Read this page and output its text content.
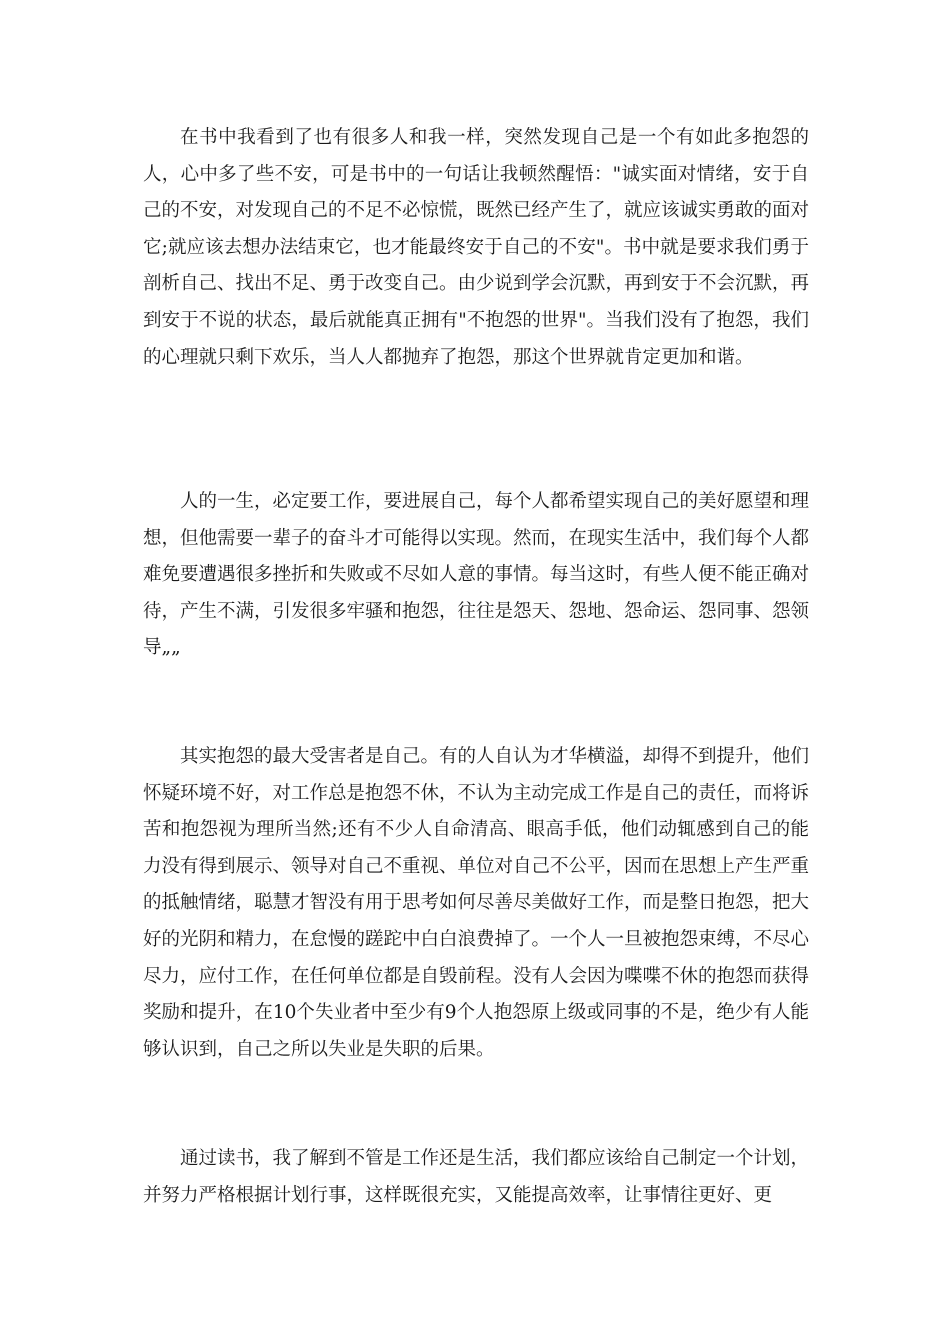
在书中我看到了也有很多人和我一样，突然发现自己是一个有如此多抱怨的人，心中多了些不安，可是书中的一句话让我顿然醒悟："诚实面对情绪，安于自己的不安，对发现自己的不足不必惊慌，既然已经产生了，就应该诚实勇敢的面对它;就应该去想办法结束它，也才能最终安于自己的不安"。书中就是要求我们勇于剖析自己、找出不足、勇于改变自己。由少说到学会沉默，再到安于不会沉默，再到安于不说的状态，最后就能真正拥有"不抱怨的世界"。当我们没有了抱怨，我们的心理就只剩下欢乐，当人人都抛弃了抱怨，那这个世界就肯定更加和谐。

人的一生，必定要工作，要进展自己，每个人都希望实现自己的美好愿望和理想，但他需要一辈子的奋斗才可能得以实现。然而，在现实生活中，我们每个人都难免要遭遇很多挫折和失败或不尽如人意的事情。每当这时，有些人便不能正确对待，产生不满，引发很多牢骚和抱怨，往往是怨天、怨地、怨命运、怨同事、怨领导„„

其实抱怨的最大受害者是自己。有的人自认为才华横溢，却得不到提升，他们怀疑环境不好，对工作总是抱怨不休，不认为主动完成工作是自己的责任，而将诉苦和抱怨视为理所当然;还有不少人自命清高、眼高手低，他们动辄感到自己的能力没有得到展示、领导对自己不重视、单位对自己不公平，因而在思想上产生严重的抵触情绪，聪慧才智没有用于思考如何尽善尽美做好工作，而是整日抱怨，把大好的光阴和精力，在怠慢的蹉跎中白白浪费掉了。一个人一旦被抱怨束缚，不尽心尽力，应付工作，在任何单位都是自毁前程。没有人会因为喋喋不休的抱怨而获得奖励和提升，在10个失业者中至少有9个人抱怨原上级或同事的不是，绝少有人能够认识到，自己之所以失业是失职的后果。

通过读书，我了解到不管是工作还是生活，我们都应该给自己制定一个计划，并努力严格根据计划行事，这样既很充实，又能提高效率，让事情往更好、更
